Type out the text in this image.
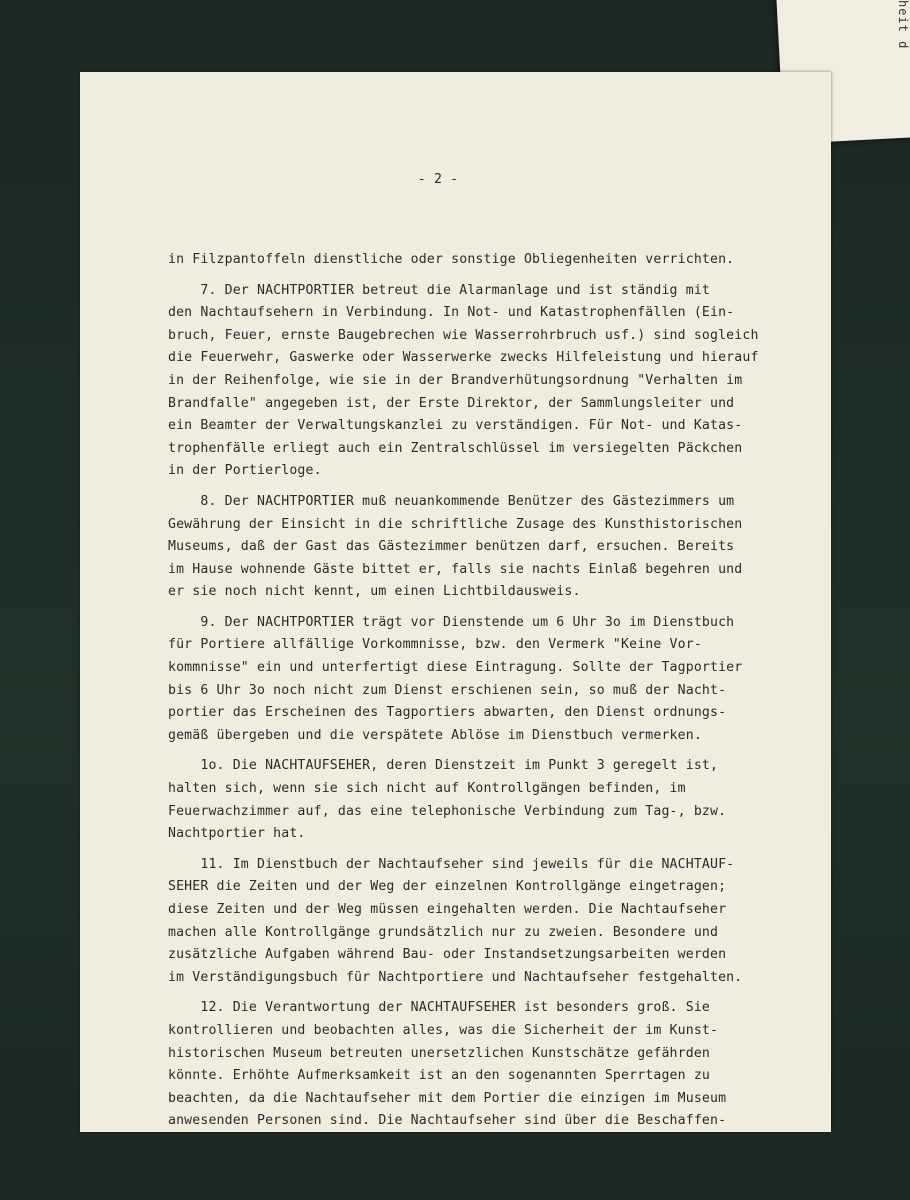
heit d

- 2 -

in Filzpantoffeln dienstliche oder sonstige Obliegenheiten verrichten.
7. Der NACHTPORTIER betreut die Alarmanlage und ist ständig mit
den Nachtaufsehern in Verbindung. In Not- und Katastrophenfällen (Ein-
bruch, Feuer, ernste Baugebrechen wie Wasserrohrbruch usf.) sind sogleich
die Feuerwehr, Gaswerke oder Wasserwerke zwecks Hilfeleistung und hierauf
in der Reihenfolge, wie sie in der Brandverhütungsordnung "Verhalten im
Brandfalle" angegeben ist, der Erste Direktor, der Sammlungsleiter und
ein Beamter der Verwaltungskanzlei zu verständigen. Für Not- und Katas-
trophenfälle erliegt auch ein Zentralschlüssel im versiegelten Päckchen
in der Portierloge.
8. Der NACHTPORTIER muß neuankommende Benützer des Gästezimmers um
Gewährung der Einsicht in die schriftliche Zusage des Kunsthistorischen
Museums, daß der Gast das Gästezimmer benützen darf, ersuchen. Bereits
im Hause wohnende Gäste bittet er, falls sie nachts Einlaß begehren und
er sie noch nicht kennt, um einen Lichtbildausweis.
9. Der NACHTPORTIER trägt vor Dienstende um 6 Uhr 3o im Dienstbuch
für Portiere allfällige Vorkommnisse, bzw. den Vermerk "Keine Vor-
kommnisse" ein und unterfertigt diese Eintragung. Sollte der Tagportier
bis 6 Uhr 3o noch nicht zum Dienst erschienen sein, so muß der Nacht-
portier das Erscheinen des Tagportiers abwarten, den Dienst ordnungs-
gemäß übergeben und die verspätete Ablöse im Dienstbuch vermerken.
1o. Die NACHTAUFSEHER, deren Dienstzeit im Punkt 3 geregelt ist,
halten sich, wenn sie sich nicht auf Kontrollgängen befinden, im
Feuerwachzimmer auf, das eine telephonische Verbindung zum Tag-, bzw.
Nachtportier hat.
11. Im Dienstbuch der Nachtaufseher sind jeweils für die NACHTAUF-
SEHER die Zeiten und der Weg der einzelnen Kontrollgänge eingetragen;
diese Zeiten und der Weg müssen eingehalten werden. Die Nachtaufseher
machen alle Kontrollgänge grundsätzlich nur zu zweien. Besondere und
zusätzliche Aufgaben während Bau- oder Instandsetzungsarbeiten werden
im Verständigungsbuch für Nachtportiere und Nachtaufseher festgehalten.
12. Die Verantwortung der NACHTAUFSEHER ist besonders groß. Sie
kontrollieren und beobachten alles, was die Sicherheit der im Kunst-
historischen Museum betreuten unersetzlichen Kunstschätze gefährden
könnte. Erhöhte Aufmerksamkeit ist an den sogenannten Sperrtagen zu
beachten, da die Nachtaufseher mit dem Portier die einzigen im Museum
anwesenden Personen sind. Die Nachtaufseher sind über die Beschaffen-
